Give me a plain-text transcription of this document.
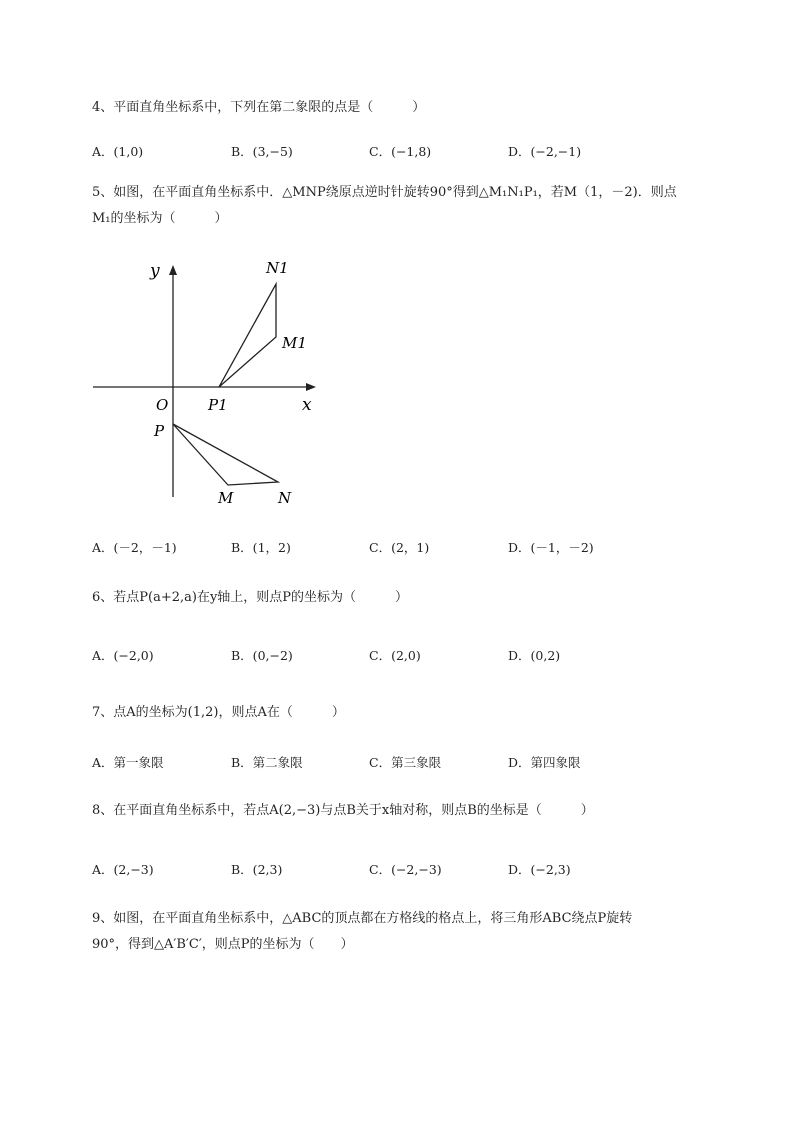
4、平面直角坐标系中，下列在第二象限的点是（　　　）
A．(1,0)	B．(3,−5)	C．(−1,8)	D．(−2,−1)
5、如图，在平面直角坐标系中．△MNP绕原点逆时针旋转90°得到△M₁N₁P₁，若M（1，－2)．则点
M₁的坐标为（　　　）
y
x
O
P
M	N
P1
M1
N1
A．(－2，－1)	B．(1，2)	C．(2，1)	D．(－1，－2)
6、若点P(a+2,a)在y轴上，则点P的坐标为（　　　）
A．(−2,0)	B．(0,−2)	C．(2,0)	D．(0,2)
7、点A的坐标为(1,2)，则点A在（　　　）
A．第一象限	B．第二象限	C．第三象限	D．第四象限
8、在平面直角坐标系中，若点A(2,−3)与点B关于x轴对称，则点B的坐标是（　　　）
A．(2,−3)	B．(2,3)	C．(−2,−3)	D．(−2,3)
9、如图，在平面直角坐标系中，△ABC的顶点都在方格线的格点上，将三角形ABC绕点P旋转
90°，得到△A′B′C′，则点P的坐标为（　　）
